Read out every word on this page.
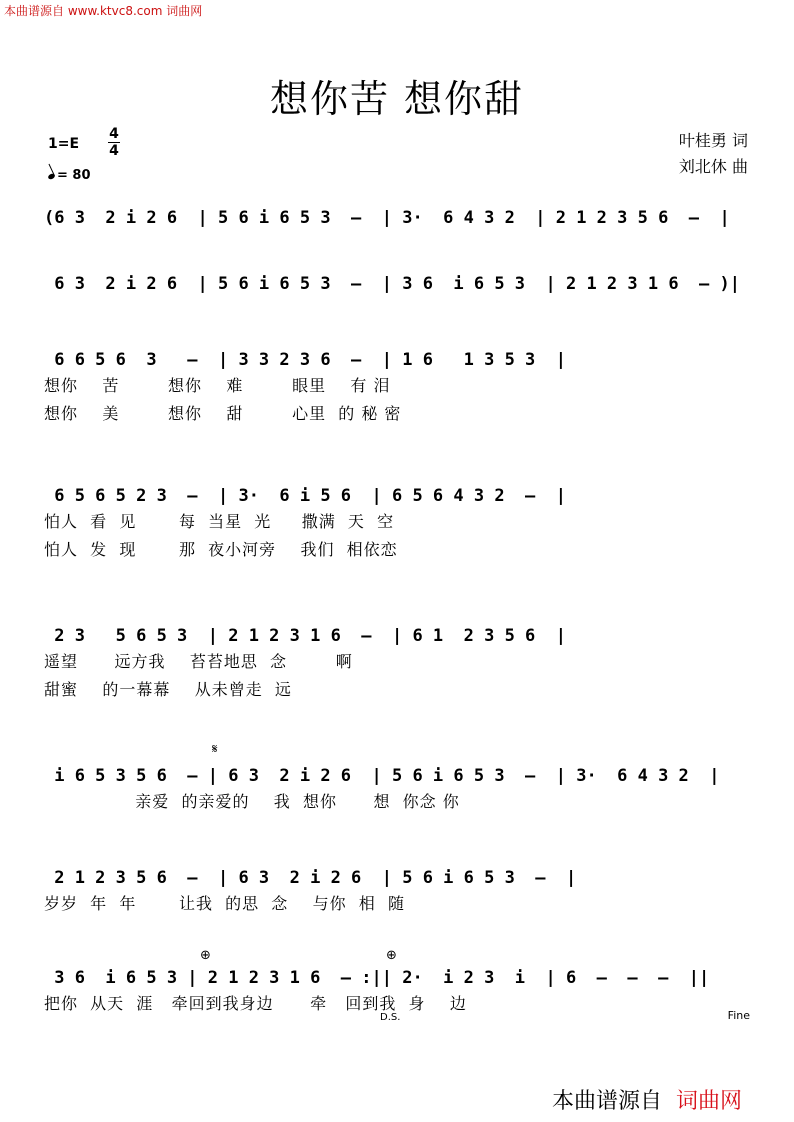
本曲谱源自 www.ktvc8.com 词曲网
想你苦 想你甜
1=E
4
4
= 80
叶桂勇 词
刘北休 曲
(6 3  2 i 2 6  | 5 6 i 6 5 3  –  | 3·  6 4 3 2  | 2 1 2 3 5 6  –  |
6 3  2 i 2 6  | 5 6 i 6 5 3  –  | 3 6  i 6 5 3  | 2 1 2 3 1 6  – )|
6 6 5 6  3   –  | 3 3 2 3 6  –  | 1 6   1 3 5 3  |
想你    苦        想你    难        眼里    有 泪
想你    美        想你    甜        心里  的 秘 密
6 5 6 5 2 3  –  | 3·  6 i 5 6  | 6 5 6 4 3 2  –  |
怕人  看  见       每  当星  光     撒满  天  空
怕人  发  现       那  夜小河旁    我们  相依恋
2 3   5 6 5 3  | 2 1 2 3 1 6  –  | 6 1  2 3 5 6  |
遥望      远方我    苔苔地思  念        啊
甜蜜    的一幕幕    从未曾走  远
𝄋
i 6 5 3 5 6  – | 6 3  2 i 2 6  | 5 6 i 6 5 3  –  | 3·  6 4 3 2  |
亲爱  的亲爱的    我  想你      想  你念 你
2 1 2 3 5 6  –  | 6 3  2 i 2 6  | 5 6 i 6 5 3  –  |
岁岁  年  年       让我  的思  念    与你  相  随
⊕	⊕
3 6  i 6 5 3 | 2 1 2 3 1 6  – :|| 2·  i 2 3  i  | 6  –  –  –  ||
把你  从天  涯   牵回到我身边      牵   回到我  身    边
D.S.	Fine
本曲谱源自 词曲网
